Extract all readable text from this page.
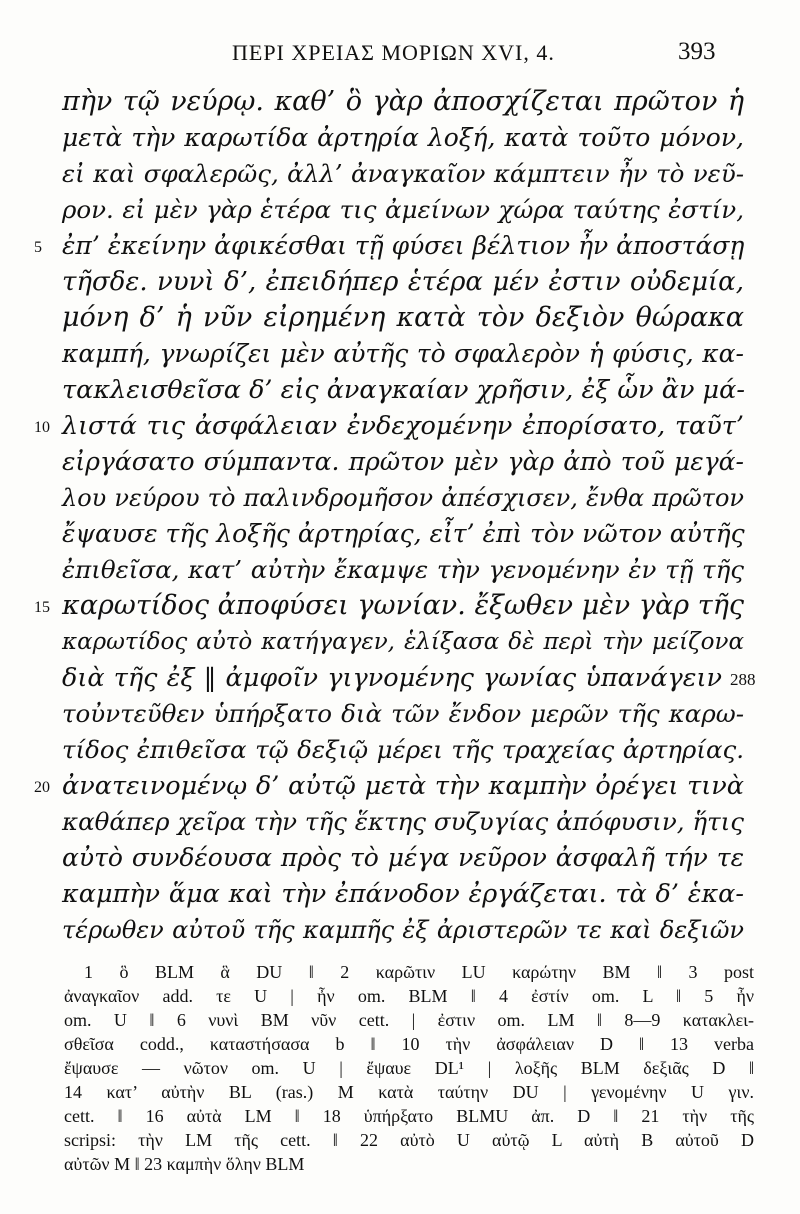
ΠΕΡΙ ΧΡΕΙΑΣ ΜΟΡΙΩΝ XVI, 4.	393
πὴν τῷ νεύρῳ. καθ’ ὃ γὰρ ἀποσχίζεται πρῶτον ἡ
μετὰ τὴν καρωτίδα ἀρτηρία λοξή, κατὰ τοῦτο μόνον,
εἰ καὶ σφαλερῶς, ἀλλ’ ἀναγκαῖον κάμπτειν ἦν τὸ νεῦ-
ρον. εἰ μὲν γὰρ ἑτέρα τις ἀμείνων χώρα ταύτης ἐστίν,
5 ἐπ’ ἐκείνην ἀφικέσθαι τῇ φύσει βέλτιον ἦν ἀποστάσῃ
τῆσδε. νυνὶ δ’, ἐπειδήπερ ἑτέρα μέν ἐστιν οὐδεμία,
μόνη δ’ ἡ νῦν εἰρημένη κατὰ τὸν δεξιὸν θώρακα
καμπή, γνωρίζει μὲν αὐτῆς τὸ σφαλερὸν ἡ φύσις, κα-
τακλεισθεῖσα δ’ εἰς ἀναγκαίαν χρῆσιν, ἐξ ὧν ἂν μά-
10 λιστά τις ἀσφάλειαν ἐνδεχομένην ἐπορίσατο, ταῦτ’
εἰργάσατο σύμπαντα. πρῶτον μὲν γὰρ ἀπὸ τοῦ μεγά-
λου νεύρου τὸ παλινδρομῆσον ἀπέσχισεν, ἔνθα πρῶτον
ἔψαυσε τῆς λοξῆς ἀρτηρίας, εἶτ’ ἐπὶ τὸν νῶτον αὐτῆς
ἐπιθεῖσα, κατ’ αὐτὴν ἔκαμψε τὴν γενομένην ἐν τῇ τῆς
15 καρωτίδος ἀποφύσει γωνίαν. ἔξωθεν μὲν γὰρ τῆς
καρωτίδος αὐτὸ κατήγαγεν, ἑλίξασα δὲ περὶ τὴν μείζονα
διὰ τῆς ἐξ ‖ ἀμφοῖν γιγνομένης γωνίας ὑπανάγειν 288
τοὐντεῦθεν ὑπήρξατο διὰ τῶν ἔνδον μερῶν τῆς καρω-
τίδος ἐπιθεῖσα τῷ δεξιῷ μέρει τῆς τραχείας ἀρτηρίας.
20 ἀνατεινομένῳ δ’ αὐτῷ μετὰ τὴν καμπὴν ὀρέγει τινὰ
καθάπερ χεῖρα τὴν τῆς ἕκτης συζυγίας ἀπόφυσιν, ἥτις
αὐτὸ συνδέουσα πρὸς τὸ μέγα νεῦρον ἀσφαλῆ τήν τε
καμπὴν ἅμα καὶ τὴν ἐπάνοδον ἐργάζεται. τὰ δ’ ἑκα-
τέρωθεν αὐτοῦ τῆς καμπῆς ἐξ ἀριστερῶν τε καὶ δεξιῶν
1 ὃ BLM ἃ DU ‖ 2 καρῶτιν LU καρώτην BM ‖ 3 post
ἀναγκαῖον add. τε U | ἦν om. BLM ‖ 4 ἐστίν om. L ‖ 5 ἦν
om. U ‖ 6 νυνὶ BM νῦν cett. | ἐστιν om. LM ‖ 8—9 κατακλει-
σθεῖσα codd., καταστήσασα b ‖ 10 τὴν ἀσφάλειαν D ‖ 13 verba
ἔψαυσε — νῶτον om. U | ἔψαυε DL¹ | λοξῆς BLM δεξιᾶς D ‖
14 κατ’ αὐτὴν BL (ras.) M κατὰ ταύτην DU | γενομένην U γιν.
cett. ‖ 16 αὐτὰ LM ‖ 18 ὑπήρξατο BLMU ἀπ. D ‖ 21 τὴν τῆς
scripsi: τὴν LM τῆς cett. ‖ 22 αὐτὸ U αὐτῷ L αὐτὴ B αὐτοῦ D
αὐτῶν M ‖ 23 καμπὴν ὅλην BLM
